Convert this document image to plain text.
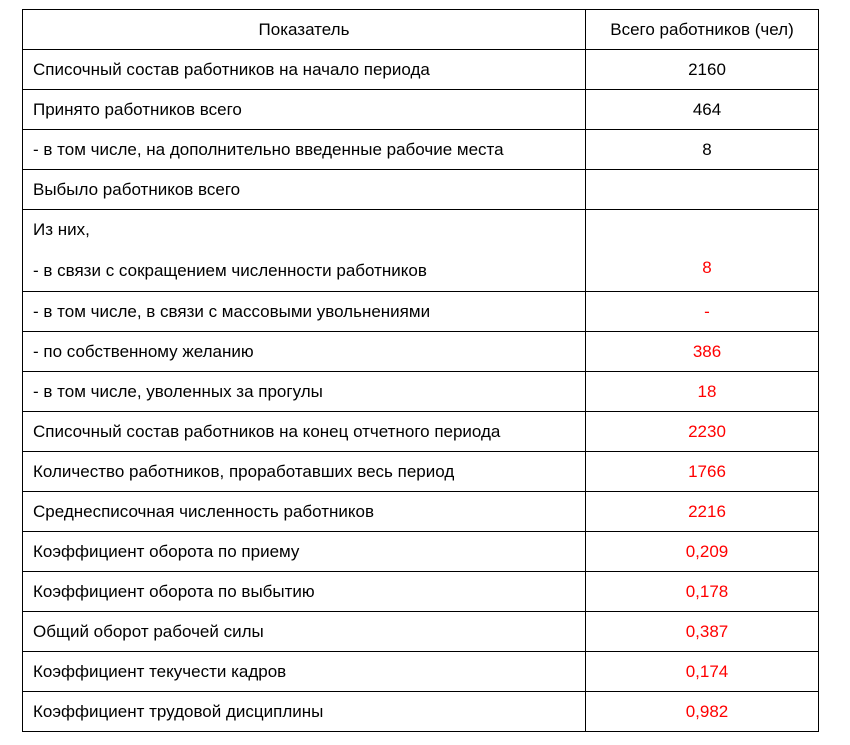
Показатель	Всего работников (чел)
Списочный состав работников на начало периода	2160
Принято работников всего	464
- в том числе, на дополнительно введенные рабочие места	8
Выбыло работников всего	

Из них,
- в связи с сокращением численности работников	8
- в том числе, в связи с массовыми увольнениями	-
- по собственному желанию	386
- в том числе, уволенных за прогулы	18
Списочный состав работников на конец отчетного периода	2230
Количество работников, проработавших весь период	1766
Среднесписочная численность работников	2216
Коэффициент оборота по приему	0,209
Коэффициент оборота по выбытию	0,178
Общий оборот рабочей силы	0,387
Коэффициент текучести кадров	0,174
Коэффициент трудовой дисциплины	0,982
